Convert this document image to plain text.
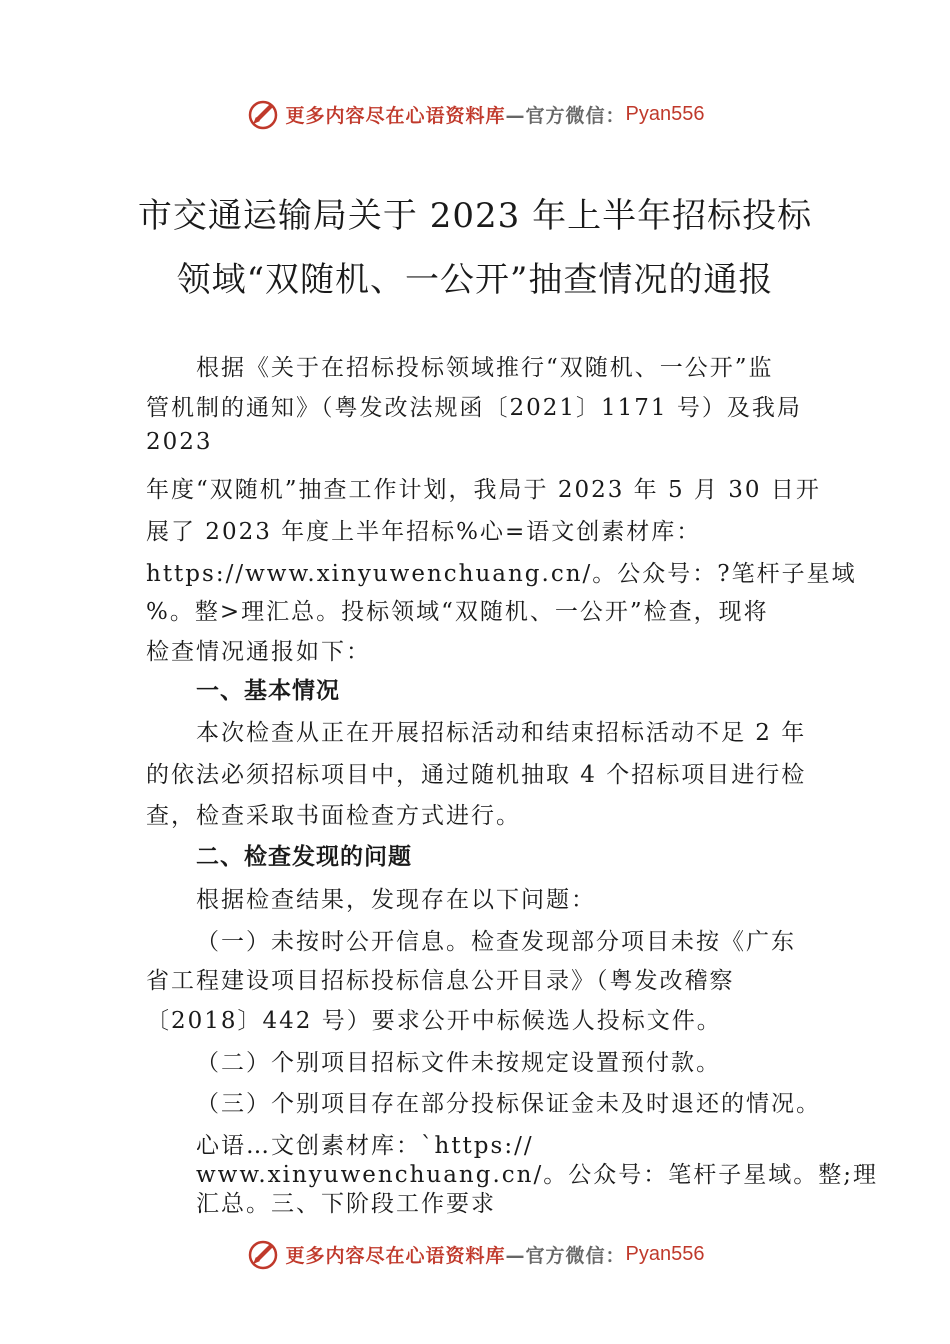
更多内容尽在心语资料库 —官方微信： Pyan556
市交通运输局关于 2023 年上半年招标投标
领域“双随机、一公开”抽查情况的通报
根据《关于在招标投标领域推行“双随机、一公开”监
管机制的通知》（粤发改法规函〔2021〕1171 号）及我局
2023
年度“双随机”抽查工作计划，我局于 2023 年 5 月 30 日开
展了 2023 年度上半年招标%心=语文创素材库：
https://www.xinyuwenchuang.cn/。公众号：?笔杆子星域
%。整>理汇总。投标领域“双随机、一公开”检查，现将
检查情况通报如下：
一、基本情况
本次检查从正在开展招标活动和结束招标活动不足 2 年
的依法必须招标项目中，通过随机抽取 4 个招标项目进行检
查，检查采取书面检查方式进行。
二、检查发现的问题
根据检查结果，发现存在以下问题：
（一）未按时公开信息。检查发现部分项目未按《广东
省工程建设项目招标投标信息公开目录》（粤发改稽察
〔2018〕442 号）要求公开中标候选人投标文件。
（二）个别项目招标文件未按规定设置预付款。
（三）个别项目存在部分投标保证金未及时退还的情况。
心语…文创素材库：`https://
www.xinyuwenchuang.cn/。公众号：笔杆子星域。整;理
汇总。三、下阶段工作要求
更多内容尽在心语资料库 —官方微信： Pyan556
